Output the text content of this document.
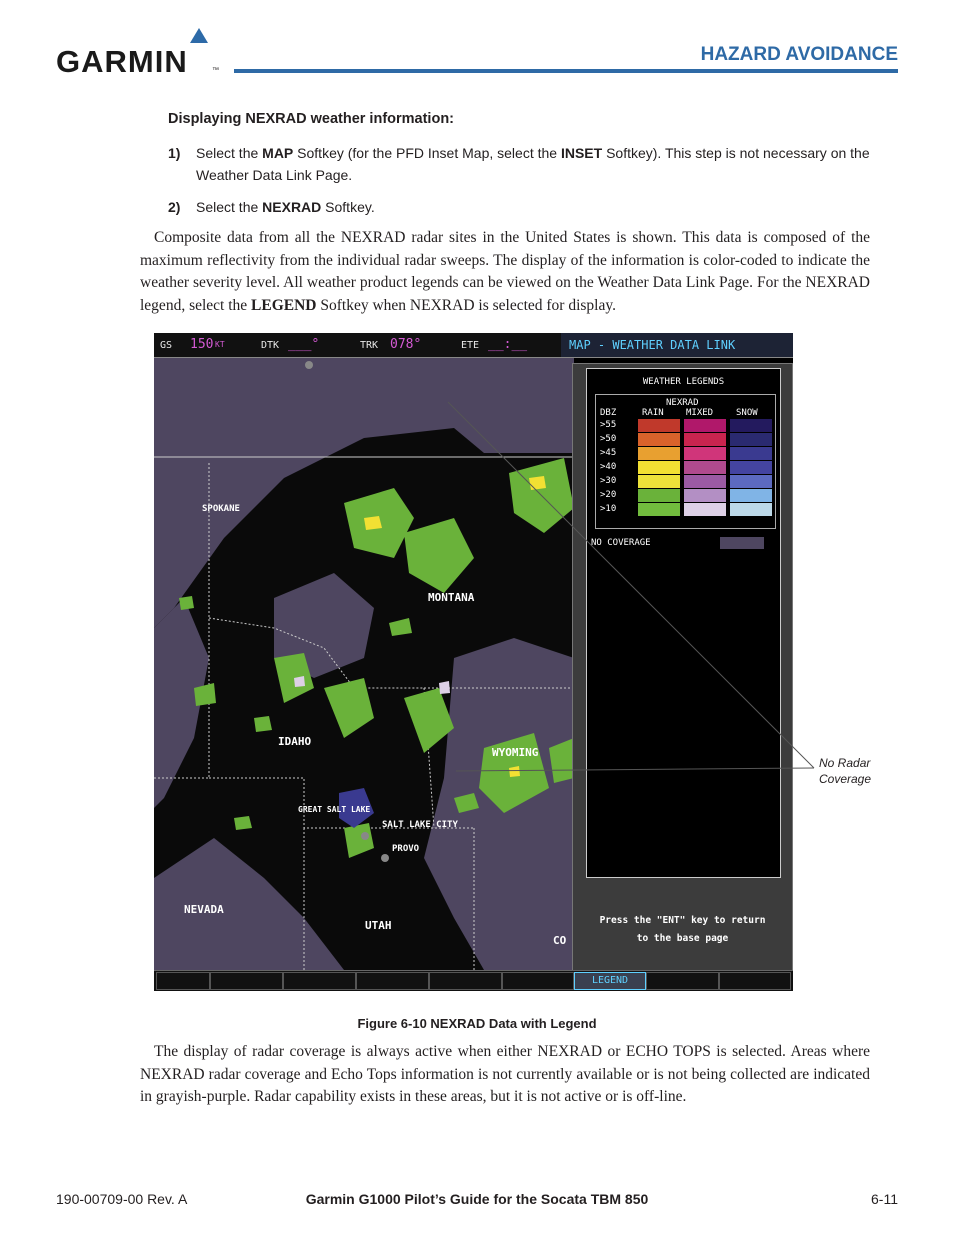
GARMIN	™
HAZARD AVOIDANCE
Displaying NEXRAD weather information:
1) Select the MAP Softkey (for the PFD Inset Map, select the INSET Softkey). This step is not necessary on the Weather Data Link Page.
2) Select the NEXRAD Softkey.
Composite data from all the NEXRAD radar sites in the United States is shown. This data is composed of the maximum reflectivity from the individual radar sweeps. The display of the information is color-coded to indicate the weather severity level. All weather product legends can be viewed on the Weather Data Link Page. For the NEXRAD legend, select the LEGEND Softkey when NEXRAD is selected for display.
GS 150 KT	DTK ___°	TRK 078°	ETE __:__	MAP - WEATHER DATA LINK
SPOKANE
MONTANA
IDAHO
WYOMING
GREAT SALT LAKE
SALT LAKE CITY
PROVO
NEVADA
UTAH
CO
WEATHER LEGENDS
NEXRAD
DBZ	RAIN MIXED	SNOW
>55
>50
>45
>40
>30
>20
>10
NO COVERAGE
Press the "ENT" key to return
to the base page
LEGEND
No Radar
Coverage
Figure 6-10 NEXRAD Data with Legend
The display of radar coverage is always active when either NEXRAD or ECHO TOPS is selected. Areas where NEXRAD radar coverage and Echo Tops information is not currently available or is not being collected are indicated in grayish-purple. Radar capability exists in these areas, but it is not active or is off-line.
190-00709-00 Rev. A	Garmin G1000 Pilot’s Guide for the Socata TBM 850	6-11
